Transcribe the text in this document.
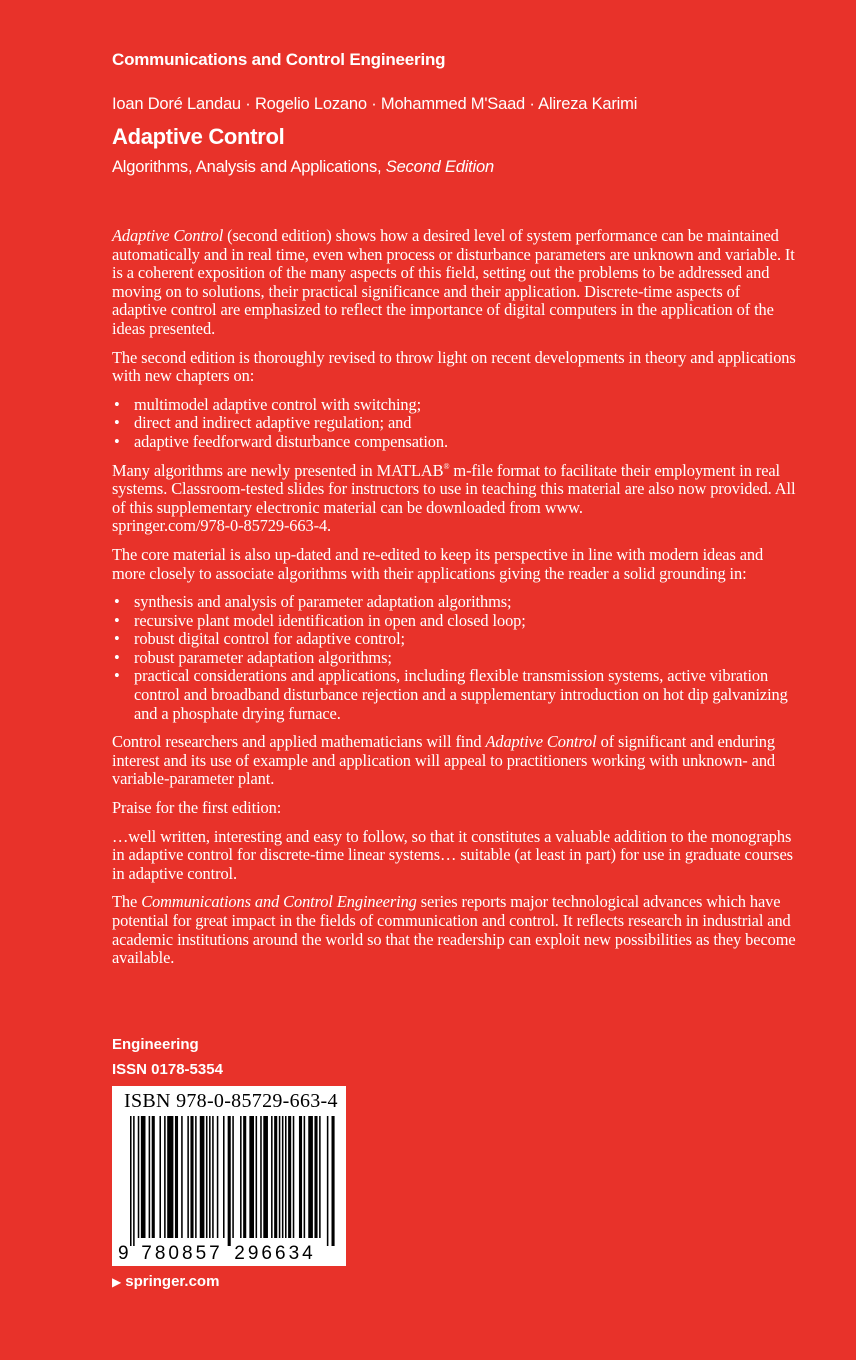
Communications and Control Engineering
Ioan Doré Landau · Rogelio Lozano · Mohammed M'Saad · Alireza Karimi
Adaptive Control
Algorithms, Analysis and Applications, Second Edition

Adaptive Control (second edition) shows how a desired level of system performance can be maintained automatically and in real time, even when process or disturbance parameters are unknown and variable. It is a coherent exposition of the many aspects of this field, setting out the problems to be addressed and moving on to solutions, their practical significance and their application. Discrete-time aspects of adaptive control are emphasized to reflect the importance of digital computers in the application of the ideas presented.

The second edition is thoroughly revised to throw light on recent developments in theory and applications with new chapters on:

• multimodel adaptive control with switching;
• direct and indirect adaptive regulation; and
• adaptive feedforward disturbance compensation.

Many algorithms are newly presented in MATLAB® m-file format to facilitate their employment in real systems. Classroom-tested slides for instructors to use in teaching this material are also now provided. All of this supplementary electronic material can be downloaded from www.
springer.com/978-0-85729-663-4.

The core material is also up-dated and re-edited to keep its perspective in line with modern ideas and more closely to associate algorithms with their applications giving the reader a solid grounding in:

• synthesis and analysis of parameter adaptation algorithms;
• recursive plant model identification in open and closed loop;
• robust digital control for adaptive control;
• robust parameter adaptation algorithms;
• practical considerations and applications, including flexible transmission systems, active vibration control and broadband disturbance rejection and a supplementary introduction on hot dip galvanizing and a phosphate drying furnace.

Control researchers and applied mathematicians will find Adaptive Control of significant and enduring interest and its use of example and application will appeal to practitioners working with unknown- and variable-parameter plant.

Praise for the first edition:

…well written, interesting and easy to follow, so that it constitutes a valuable addition to the monographs in adaptive control for discrete-time linear systems… suitable (at least in part) for use in graduate courses in adaptive control.

The Communications and Control Engineering series reports major technological advances which have potential for great impact in the fields of communication and control. It reflects research in industrial and academic institutions around the world so that the readership can exploit new possibilities as they become available.

Engineering
ISSN 0178-5354
9 780857 296634
ISBN 978-0-85729-663-4
▶ springer.com
